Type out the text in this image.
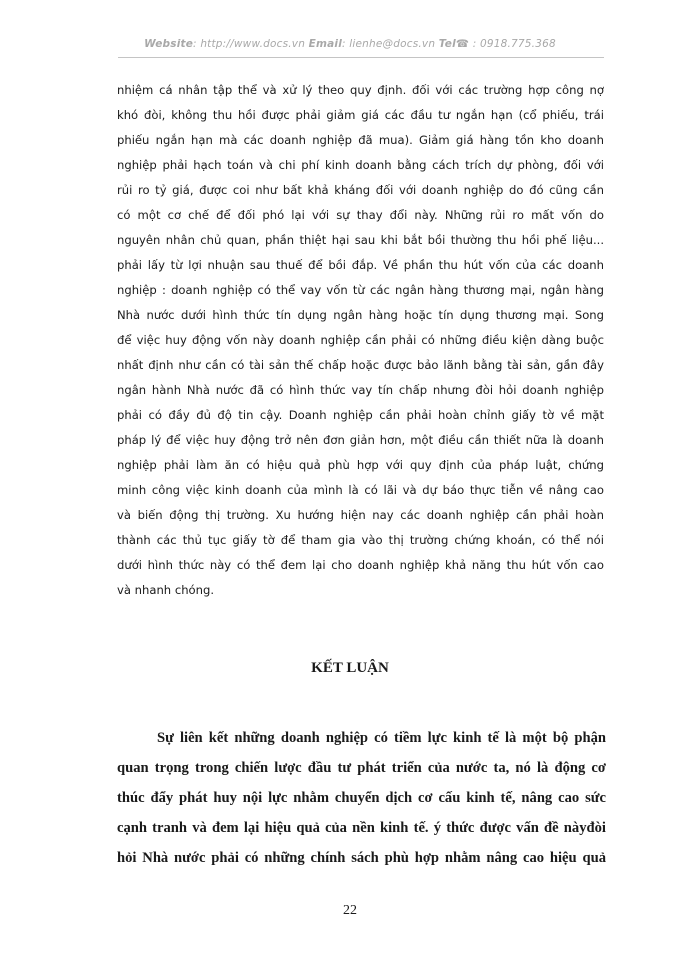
Website: http://www.docs.vn Email: lienhe@docs.vn Tel☎ : 0918.775.368
nhiệm cá nhân tập thể và xử lý theo quy định. đối với các trường hợp công nợ
khó đòi, không thu hồi được phải giảm giá các đầu tư ngắn hạn (cổ phiếu, trái
phiếu ngắn hạn mà các doanh nghiệp đã mua). Giảm giá hàng tồn kho doanh
nghiệp phải hạch toán và chi phí kinh doanh bằng cách trích dự phòng, đối với
rủi ro tỷ giá, được coi như bất khả kháng đối với doanh nghiệp do đó cũng cần
có một cơ chế để đối phó lại với sự thay đổi này. Những rủi ro mất vốn do
nguyên nhân chủ quan, phần thiệt hại sau khi bắt bồi thường thu hồi phế liệu...
phải lấy từ lợi nhuận sau thuế để bồi đắp. Về phần thu hút vốn của các doanh
nghiệp : doanh nghiệp có thể vay vốn từ các ngân hàng thương mại, ngân hàng
Nhà nước dưới hình thức tín dụng ngân hàng hoặc tín dụng thương mại. Song
để việc huy động vốn này doanh nghiệp cần phải có những điều kiện dàng buộc
nhất định như cần có tài sản thế chấp hoặc được bảo lãnh bằng tài sản, gần đây
ngân hành Nhà nước đã có hình thức vay tín chấp nhưng đòi hỏi doanh nghiệp
phải có đầy đủ độ tin cậy. Doanh nghiệp cần phải hoàn chỉnh giấy tờ về mặt
pháp lý để việc huy động trở nên đơn giản hơn, một điều cần thiết nữa là doanh
nghiệp phải làm ăn có hiệu quả phù hợp với quy định của pháp luật, chứng
minh công việc kinh doanh của mình là có lãi và dự báo thực tiễn về nâng cao
và biến động thị trường. Xu hướng hiện nay các doanh nghiệp cần phải hoàn
thành các thủ tục giấy tờ để tham gia vào thị trường chứng khoán, có thể nói
dưới hình thức này có thể đem lại cho doanh nghiệp khả năng thu hút vốn cao
và nhanh chóng.
KẾT LUẬN
Sự liên kết những doanh nghiệp có tiềm lực kinh tế là một bộ phận
quan trọng trong chiến lược đầu tư phát triển của nước ta, nó là động cơ
thúc đẩy phát huy nội lực nhằm chuyển dịch cơ cấu kinh tế, nâng cao sức
cạnh tranh và đem lại hiệu quả của nền kinh tế. ý thức được vấn đề nàyđòi
hỏi Nhà nước phải có những chính sách phù hợp nhằm nâng cao hiệu quả
22
